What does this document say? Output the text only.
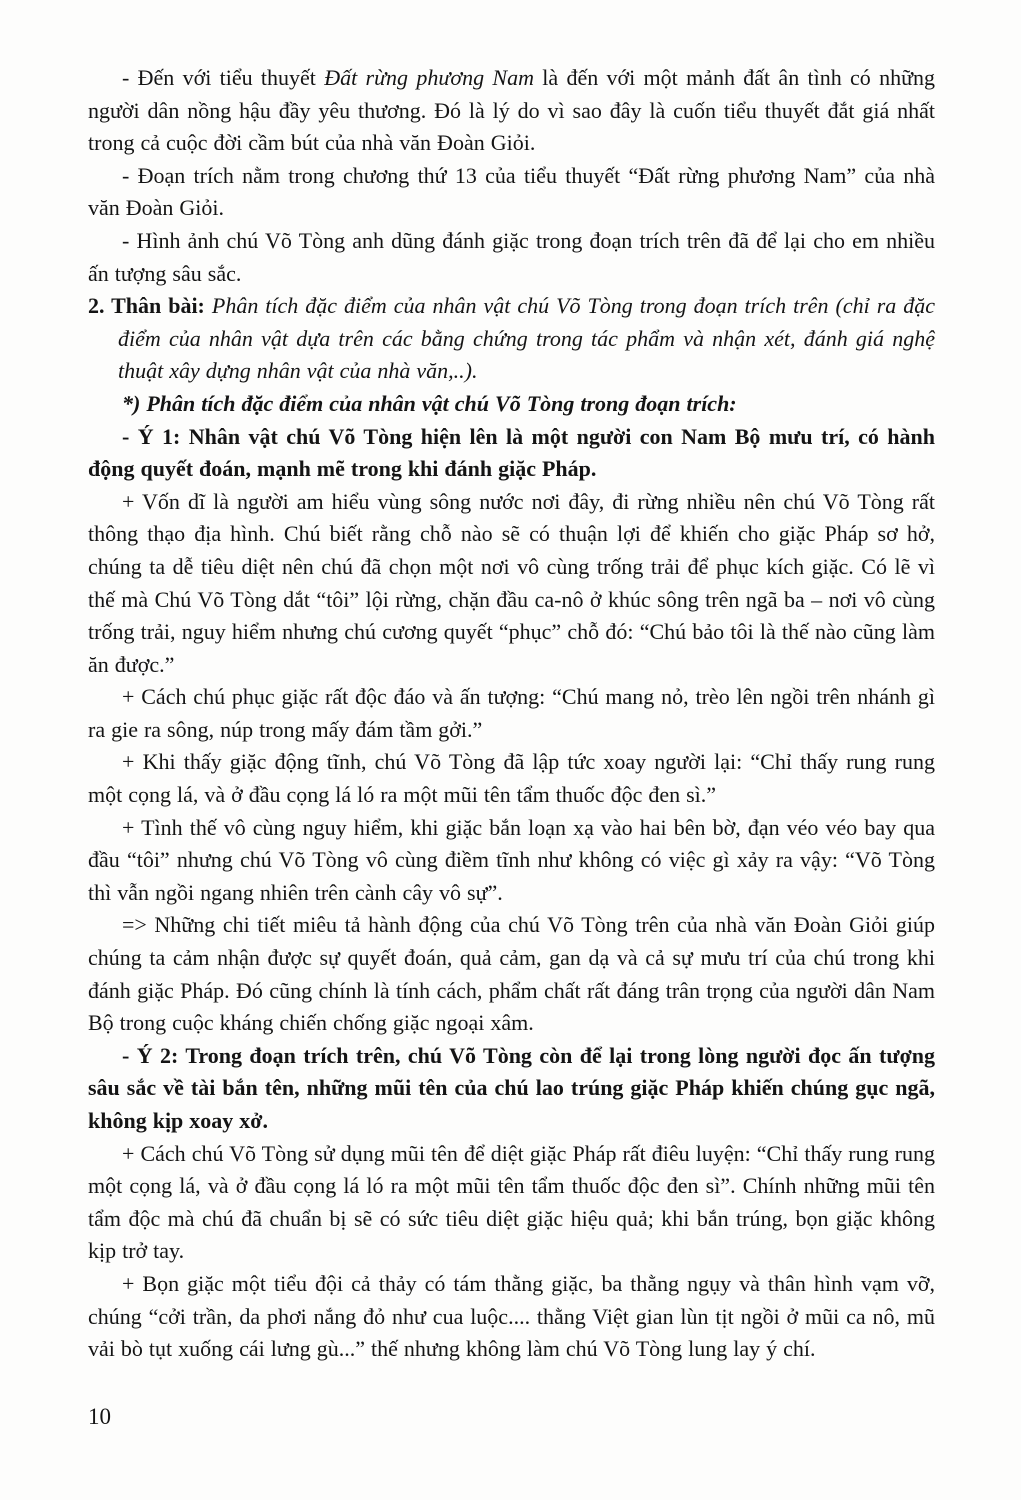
- Đến với tiểu thuyết Đất rừng phương Nam là đến với một mảnh đất ân tình có những người dân nồng hậu đầy yêu thương. Đó là lý do vì sao đây là cuốn tiểu thuyết đắt giá nhất trong cả cuộc đời cầm bút của nhà văn Đoàn Giỏi.

- Đoạn trích nằm trong chương thứ 13 của tiểu thuyết “Đất rừng phương Nam” của nhà văn Đoàn Giỏi.

- Hình ảnh chú Võ Tòng anh dũng đánh giặc trong đoạn trích trên đã để lại cho em nhiều ấn tượng sâu sắc.

2. Thân bài: Phân tích đặc điểm của nhân vật chú Võ Tòng trong đoạn trích trên (chỉ ra đặc điểm của nhân vật dựa trên các bằng chứng trong tác phẩm và nhận xét, đánh giá nghệ thuật xây dựng nhân vật của nhà văn,..).

*) Phân tích đặc điểm của nhân vật chú Võ Tòng trong đoạn trích:

- Ý 1: Nhân vật chú Võ Tòng hiện lên là một người con Nam Bộ mưu trí, có hành động quyết đoán, mạnh mẽ trong khi đánh giặc Pháp.

+ Vốn dĩ là người am hiểu vùng sông nước nơi đây, đi rừng nhiều nên chú Võ Tòng rất thông thạo địa hình. Chú biết rằng chỗ nào sẽ có thuận lợi để khiến cho giặc Pháp sơ hở, chúng ta dễ tiêu diệt nên chú đã chọn một nơi vô cùng trống trải để phục kích giặc. Có lẽ vì thế mà Chú Võ Tòng dắt “tôi” lội rừng, chặn đầu ca-nô ở khúc sông trên ngã ba – nơi vô cùng trống trải, nguy hiểm nhưng chú cương quyết “phục” chỗ đó: “Chú bảo tôi là thế nào cũng làm ăn được.”

+ Cách chú phục giặc rất độc đáo và ấn tượng: “Chú mang nỏ, trèo lên ngồi trên nhánh gì ra gie ra sông, núp trong mấy đám tầm gởi.”

+ Khi thấy giặc động tĩnh, chú Võ Tòng đã lập tức xoay người lại: “Chỉ thấy rung rung một cọng lá, và ở đầu cọng lá ló ra một mũi tên tẩm thuốc độc đen sì.”

+ Tình thế vô cùng nguy hiểm, khi giặc bắn loạn xạ vào hai bên bờ, đạn véo véo bay qua đầu “tôi” nhưng chú Võ Tòng vô cùng điềm tĩnh như không có việc gì xảy ra vậy: “Võ Tòng thì vẫn ngồi ngang nhiên trên cành cây vô sự”.

=> Những chi tiết miêu tả hành động của chú Võ Tòng trên của nhà văn Đoàn Giỏi giúp chúng ta cảm nhận được sự quyết đoán, quả cảm, gan dạ và cả sự mưu trí của chú trong khi đánh giặc Pháp. Đó cũng chính là tính cách, phẩm chất rất đáng trân trọng của người dân Nam Bộ trong cuộc kháng chiến chống giặc ngoại xâm.

- Ý 2: Trong đoạn trích trên, chú Võ Tòng còn để lại trong lòng người đọc ấn tượng sâu sắc về tài bắn tên, những mũi tên của chú lao trúng giặc Pháp khiến chúng gục ngã, không kịp xoay xở.

+ Cách chú Võ Tòng sử dụng mũi tên để diệt giặc Pháp rất điêu luyện: “Chỉ thấy rung rung một cọng lá, và ở đầu cọng lá ló ra một mũi tên tẩm thuốc độc đen sì”. Chính những mũi tên tẩm độc mà chú đã chuẩn bị sẽ có sức tiêu diệt giặc hiệu quả; khi bắn trúng, bọn giặc không kịp trở tay.

+ Bọn giặc một tiểu đội cả thảy có tám thằng giặc, ba thằng ngụy và thân hình vạm vỡ, chúng “cởi trần, da phơi nắng đỏ như cua luộc.... thằng Việt gian lùn tịt ngồi ở mũi ca nô, mũ vải bò tụt xuống cái lưng gù...” thế nhưng không làm chú Võ Tòng lung lay ý chí.

10
